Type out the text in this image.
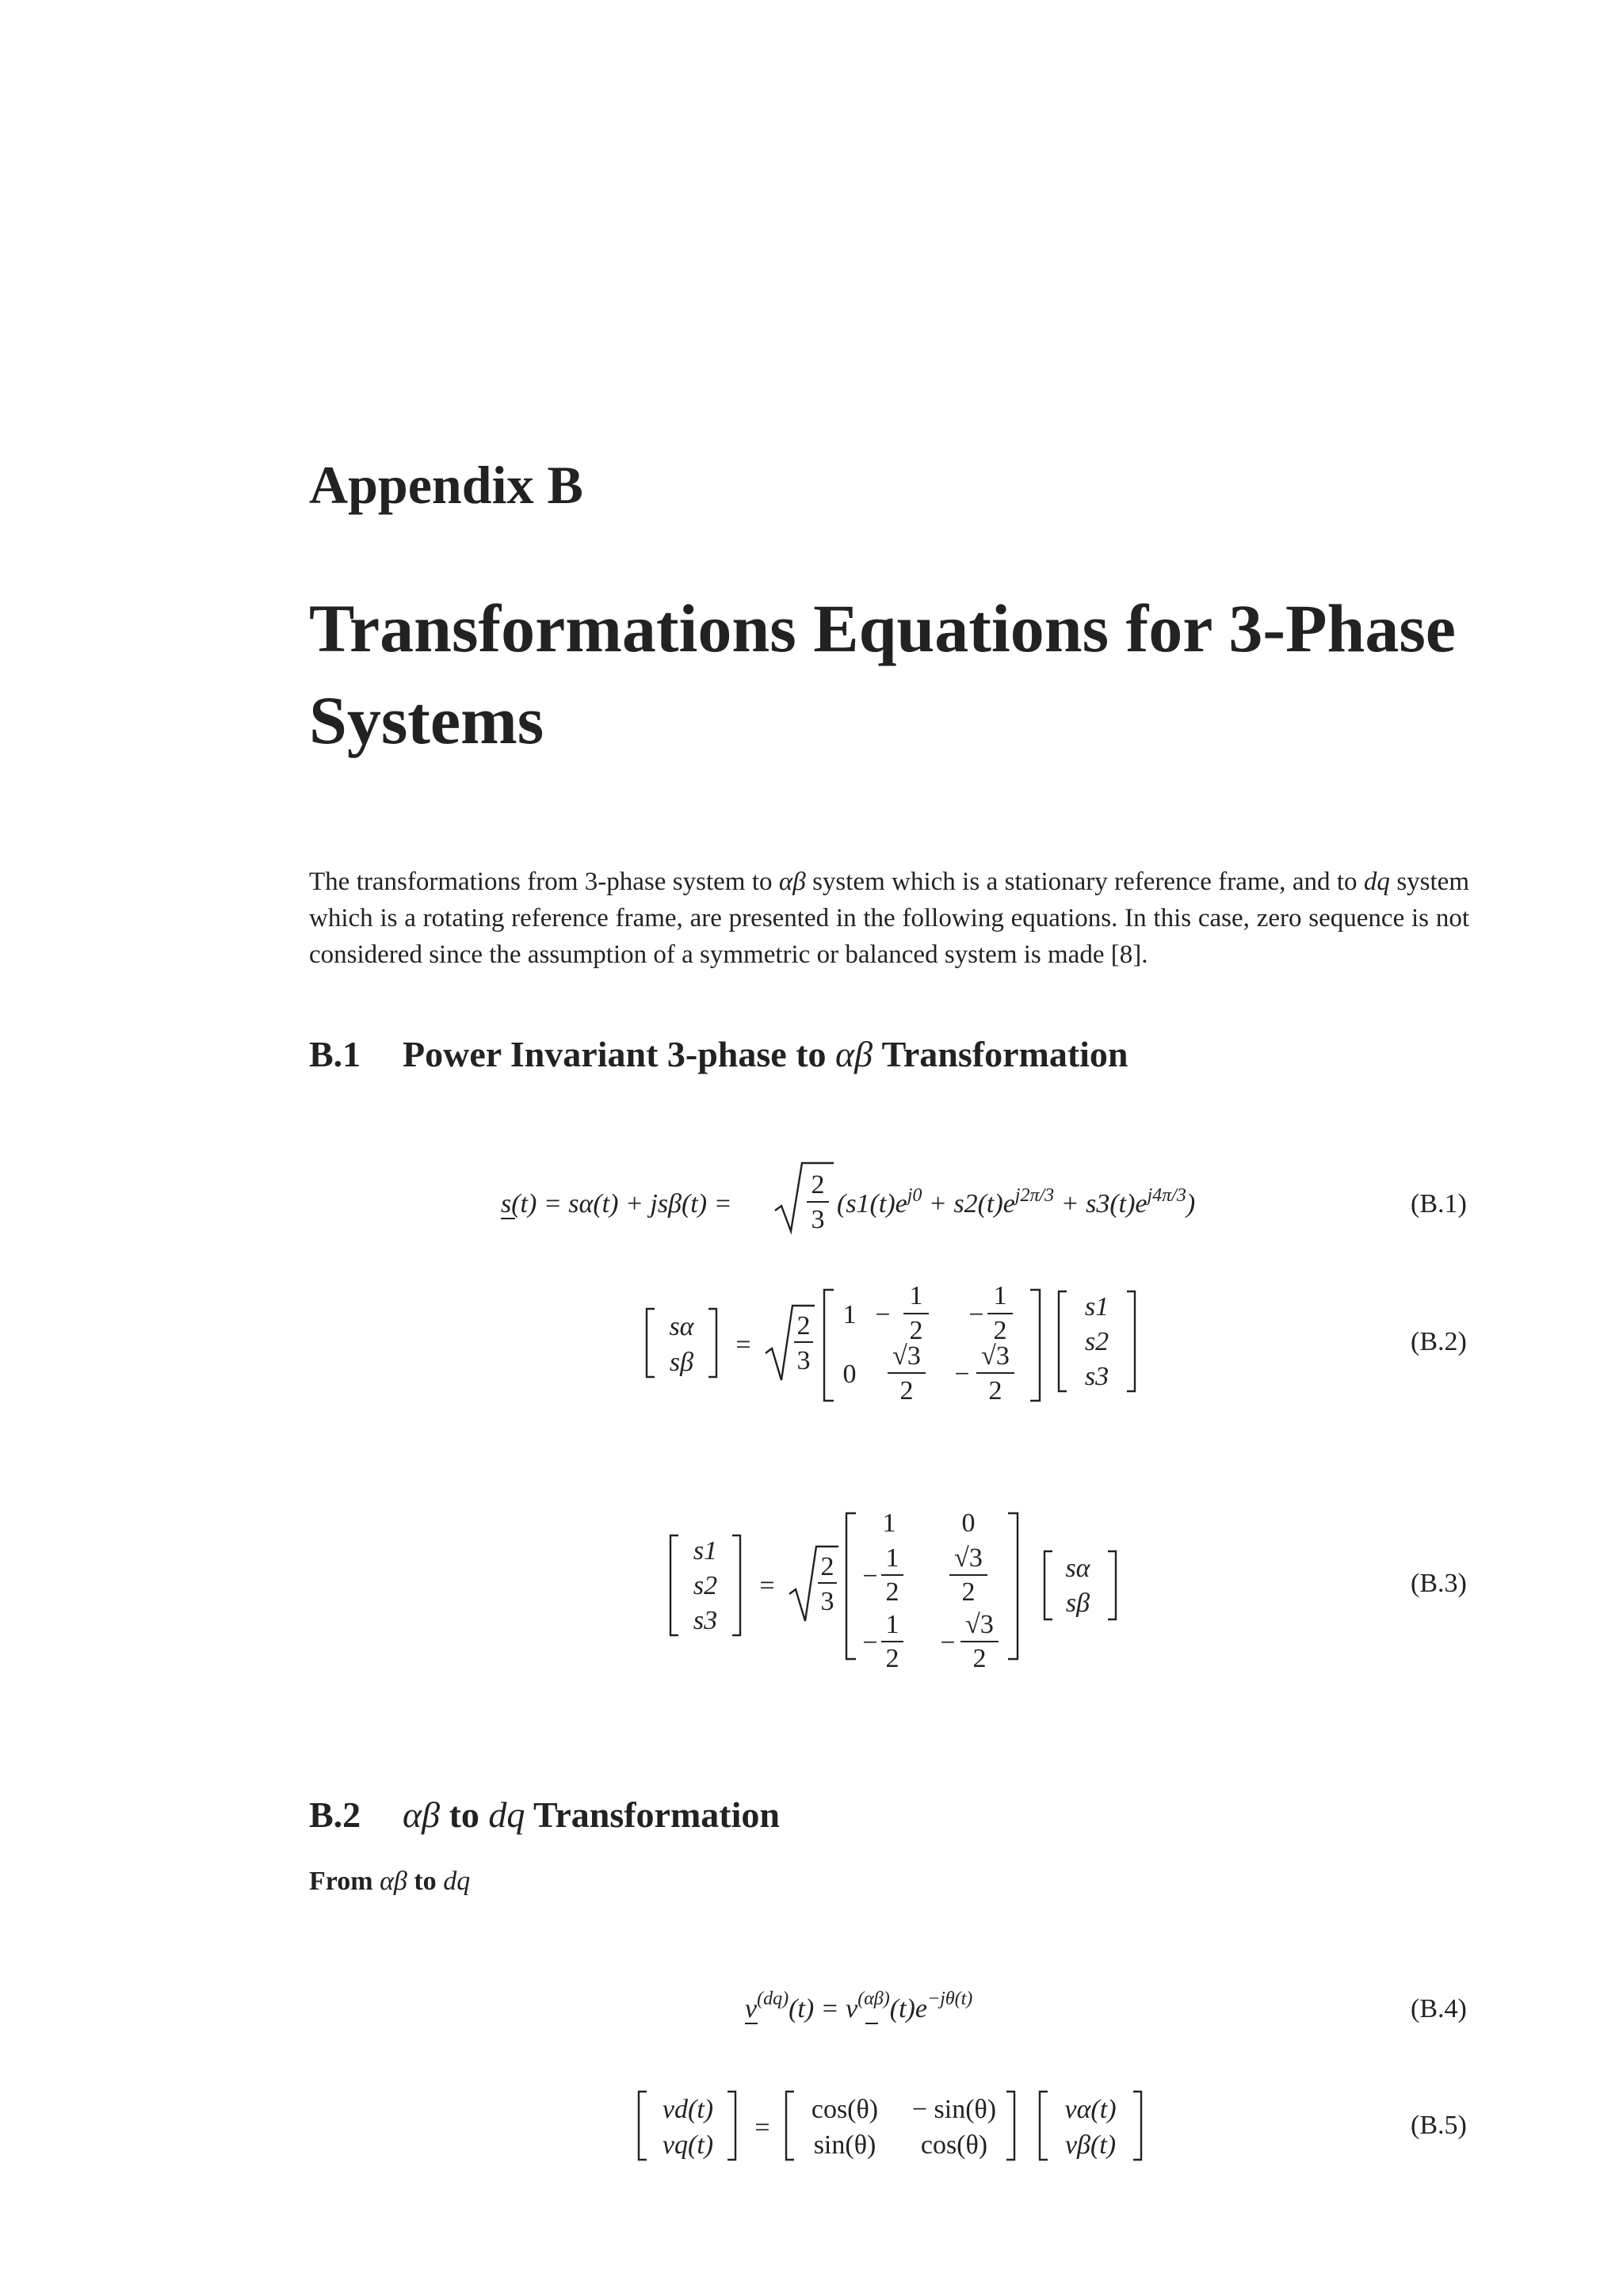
Appendix B
Transformations Equations for 3-Phase
Systems
The transformations from 3-phase system to αβ system which is a stationary reference frame, and to dq system which is a rotating reference frame, are presented in the following equations. In this case, zero sequence is not considered since the assumption of a symmetric or balanced system is made [8].
B.1 Power Invariant 3-phase to αβ Transformation
B.2 αβ to dq Transformation
From αβ to dq
(B.1)
(B.2)
(B.3)
(B.4)
(B.5)
s(t) = sα(t) + jsβ(t) =
2
3
$(s1(t)e^{j0} + s2(t)e^{j2\pi/3} + s3(t)e^{j4\pi/3})$
sα
sβ
=
2
3
1 −
1
2
−
1
2
0
√3
2
−
√3
2
s1
s2
s3
s1
s2
s3
=
2
3
1 0
−
1
2
√3
2
−
1
2
−
√3
2
sα
sβ
$v^{(dq)}(t) = v^{(\alpha\beta)}(t)e^{-j\theta(t)}$
vd(t)
vq(t)
=
cos(θ) − sin(θ)
sin(θ) cos(θ)
vα(t)
vβ(t)
